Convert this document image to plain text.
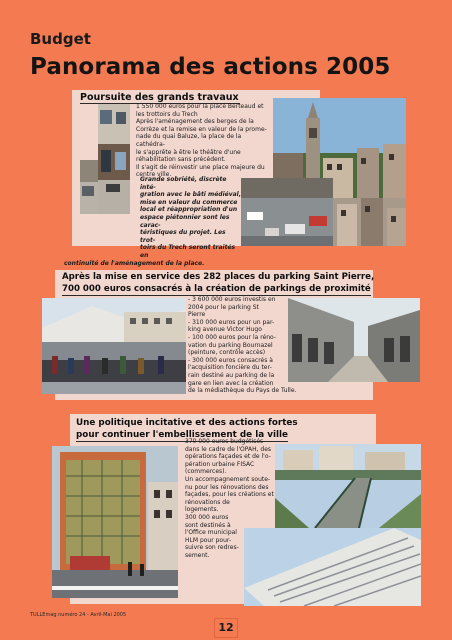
Budget
Panorama des actions 2005
Poursuite des grands travaux

1 550 000 euros pour la place Berteaud et

les trottoirs du Trech

Après l'aménagement des berges de la

Corrèze et la remise en valeur de la prome-

nade du quai Baluze, la place de la cathédra-

le s'apprête à être le théâtre d'une

réhabilitation sans précédent.

Il s'agit de réinvestir une place majeure du

centre ville.

Grande sobriété, discrète inté-

gration avec le bâti médiéval,

mise en valeur du commerce

local et réappropriation d'un

espace piétonnier sont les carac-

téristiques du projet. Les trot-

toirs du Trech seront traités en

continuité de l'aménagement de la place.

Après la mise en service des 282 places du parking Saint Pierre,
700 000 euros consacrés à la création de parkings de proximité

- 3 600 000 euros investis en

2004 pour le parking St

Pierre

- 310 000 euros pour un par-

king avenue Victor Hugo

- 100 000 euros pour la réno-

vation du parking Bournazel

(peinture, contrôle accès)

- 300 000 euros consacrés à

l'acquisition foncière du ter-

rain destiné au parking de la

gare en lien avec la création

de la médiathèque du Pays de Tulle.

Une politique incitative et des actions fortes
pour continuer l'embellissement de la ville

370 000 euros budgétisés

dans le cadre de l'OPAH, des

opérations façades et de l'o-

pération urbaine FISAC

(commerces).

Un accompagnement soute-

nu pour les rénovations des

façades, pour les créations et

rénovations de

logements.

300 000 euros

sont destinés à

l'Office municipal

HLM pour pour-

suivre son redres-

sement.

TULLEmag numéro 24 - Avril-Mai 2005
12
